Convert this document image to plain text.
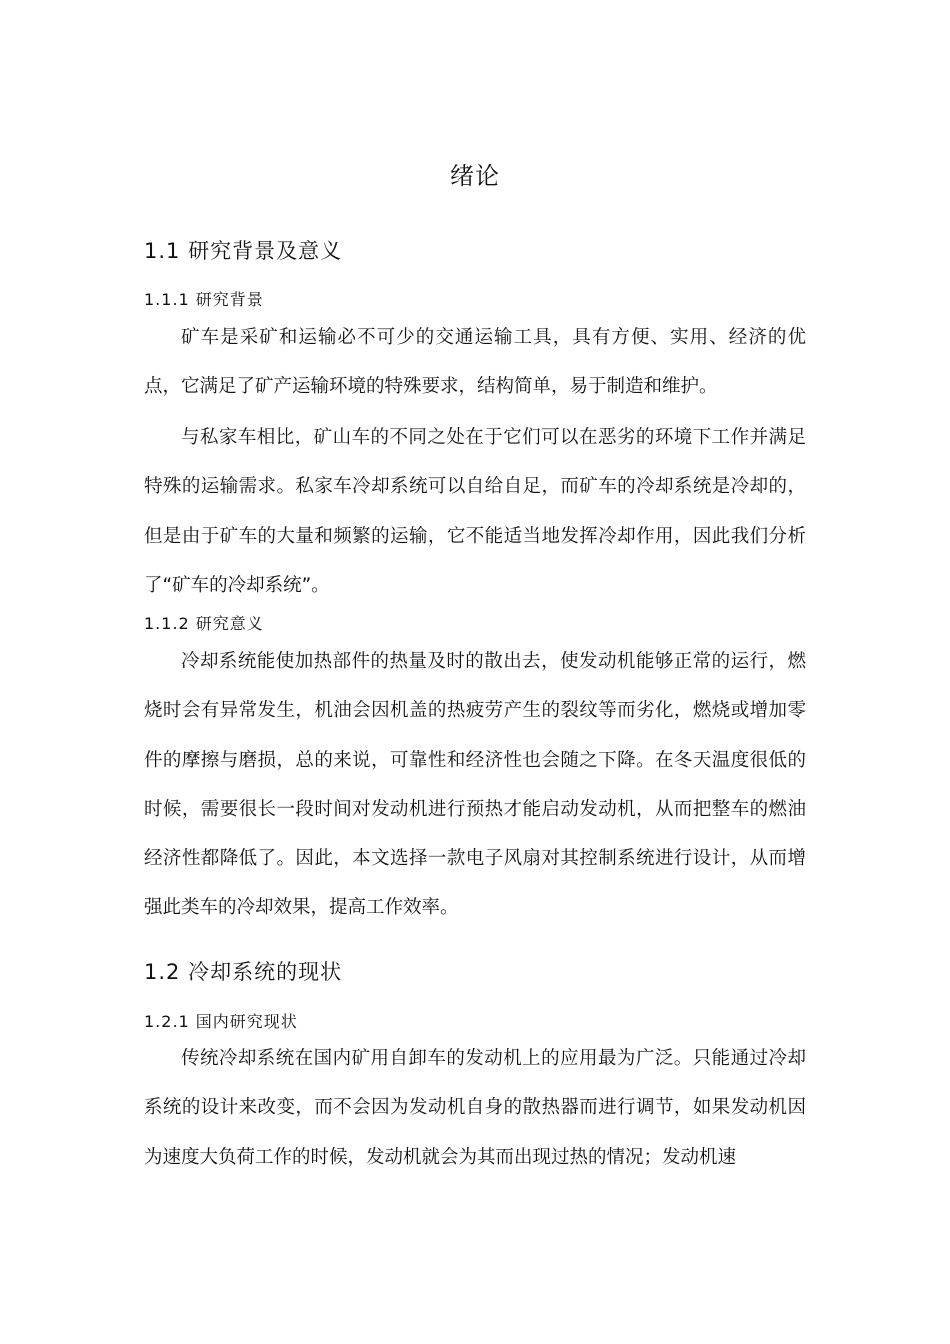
绪论
1.1 研究背景及意义
1.1.1 研究背景

矿车是采矿和运输必不可少的交通运输工具，具有方便、实用、经济的优点，它满足了矿产运输环境的特殊要求，结构简单，易于制造和维护。

与私家车相比，矿山车的不同之处在于它们可以在恶劣的环境下工作并满足特殊的运输需求。私家车冷却系统可以自给自足，而矿车的冷却系统是冷却的，但是由于矿车的大量和频繁的运输，它不能适当地发挥冷却作用，因此我们分析了“矿车的冷却系统”。

1.1.2 研究意义

冷却系统能使加热部件的热量及时的散出去，使发动机能够正常的运行，燃烧时会有异常发生，机油会因机盖的热疲劳产生的裂纹等而劣化，燃烧或增加零件的摩擦与磨损，总的来说，可靠性和经济性也会随之下降。在冬天温度很低的时候，需要很长一段时间对发动机进行预热才能启动发动机，从而把整车的燃油经济性都降低了。因此，本文选择一款电子风扇对其控制系统进行设计，从而增强此类车的冷却效果，提高工作效率。

1.2 冷却系统的现状
1.2.1 国内研究现状

传统冷却系统在国内矿用自卸车的发动机上的应用最为广泛。只能通过冷却系统的设计来改变，而不会因为发动机自身的散热器而进行调节，如果发动机因为速度大负荷工作的时候，发动机就会为其而出现过热的情况；发动机速
